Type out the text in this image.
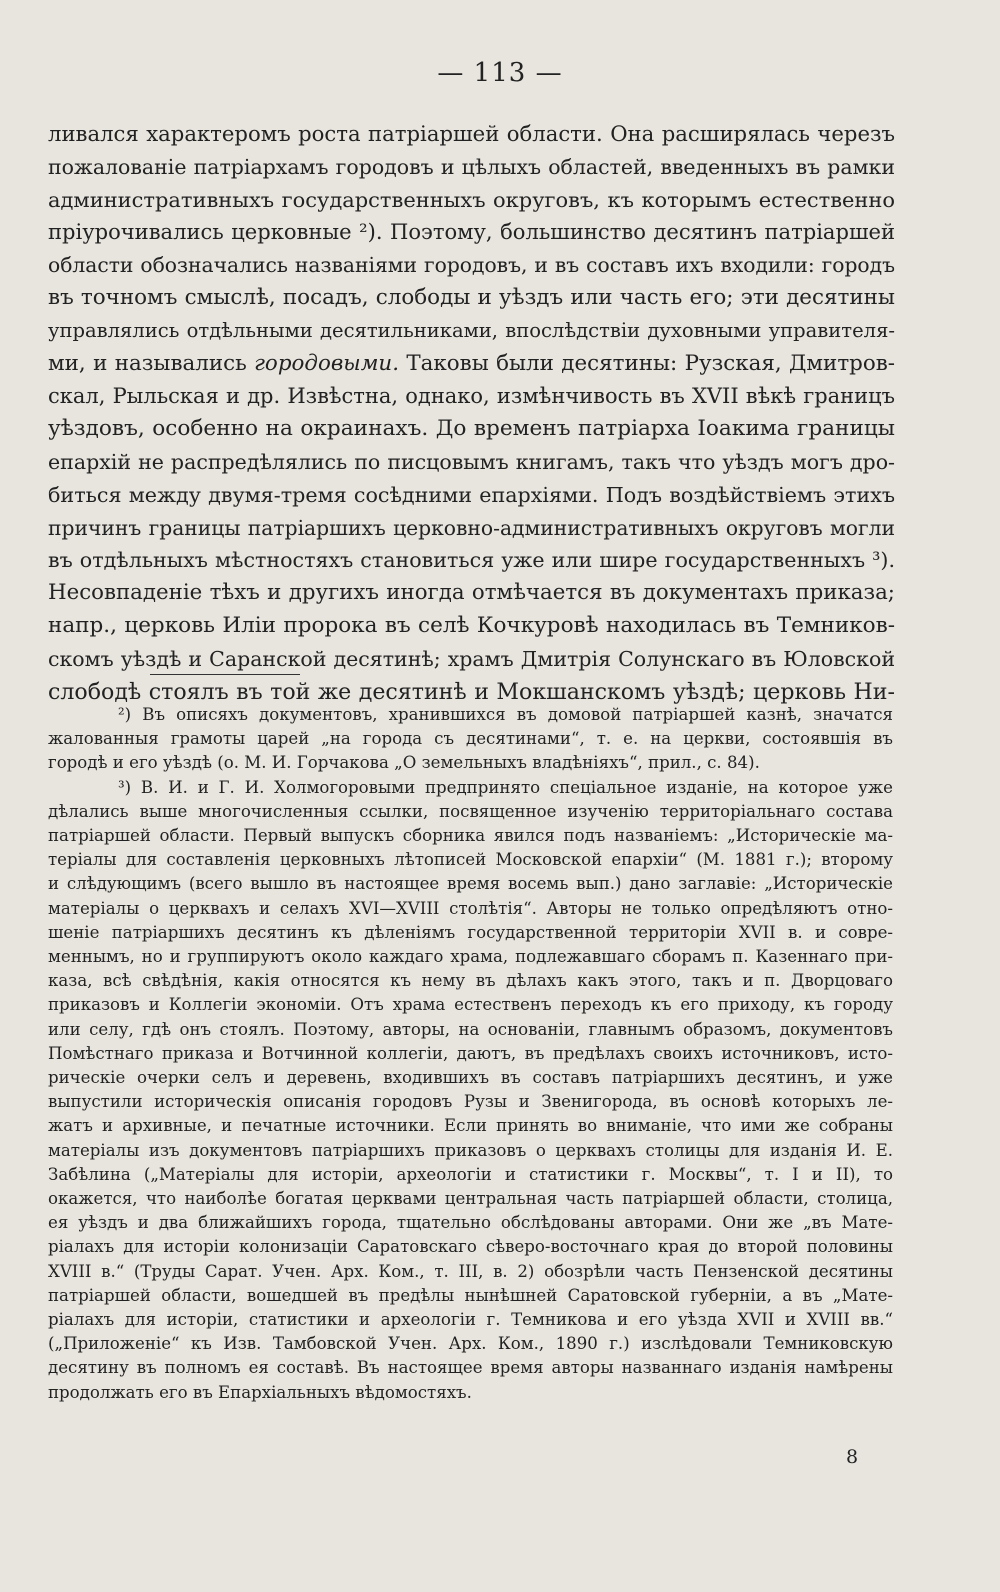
— 113 —
ливался характеромъ роста патріаршей области. Она расширялась черезъ
пожалованіе патріархамъ городовъ и цѣлыхъ областей, введенныхъ въ рамки
административныхъ государственныхъ округовъ, къ которымъ естественно
пріурочивались церковные ²). Поэтому, большинство десятинъ патріаршей
области обозначались названіями городовъ, и въ составъ ихъ входили: городъ
въ точномъ смыслѣ, посадъ, слободы и уѣздъ или часть его; эти десятины
управлялись отдѣльными десятильниками, впослѣдствіи духовными управителя-
ми, и назывались городовыми. Таковы были десятины: Рузская, Дмитров-
скал, Рыльская и др. Извѣстна, однако, измѣнчивость въ XVII вѣкѣ границъ
уѣздовъ, особенно на окраинахъ. До временъ патріарха Іоакима границы
епархій не распредѣлялись по писцовымъ книгамъ, такъ что уѣздъ могъ дро-
биться между двумя-тремя сосѣдними епархіями. Подъ воздѣйствіемъ этихъ
причинъ границы патріаршихъ церковно-административныхъ округовъ могли
въ отдѣльныхъ мѣстностяхъ становиться уже или шире государственныхъ ³).
Несовпаденіе тѣхъ и другихъ иногда отмѣчается въ документахъ приказа;
напр., церковь Иліи пророка въ селѣ Кочкуровѣ находилась въ Темников-
скомъ уѣздѣ и Саранской десятинѣ; храмъ Дмитрія Солунскаго въ Юловской
слободѣ стоялъ въ той же десятинѣ и Мокшанскомъ уѣздѣ; церковь Ни-
²) Въ описяхъ документовъ, хранившихся въ домовой патріаршей казнѣ, значатся
жалованныя грамоты царей „на города съ десятинами“, т. е. на церкви, состоявшія въ
городѣ и его уѣздѣ (о. М. И. Горчакова „О земельныхъ владѣніяхъ“, прил., с. 84).
³) В. И. и Г. И. Холмогоровыми предпринято спеціальное изданіе, на которое уже
дѣлались выше многочисленныя ссылки, посвященное изученію территоріальнаго состава
патріаршей области. Первый выпускъ сборника явился подъ названіемъ: „Историческіе ма-
теріалы для составленія церковныхъ лѣтописей Московской епархіи“ (М. 1881 г.); второму
и слѣдующимъ (всего вышло въ настоящее время восемь вып.) дано заглавіе: „Историческіе
матеріалы о церквахъ и селахъ XVI—XVIII столѣтія“. Авторы не только опредѣляютъ отно-
шеніе патріаршихъ десятинъ къ дѣленіямъ государственной территоріи XVII в. и совре-
меннымъ, но и группируютъ около каждаго храма, подлежавшаго сборамъ п. Казеннаго при-
каза, всѣ свѣдѣнія, какія относятся къ нему въ дѣлахъ какъ этого, такъ и п. Дворцоваго
приказовъ и Коллегіи экономіи. Отъ храма естественъ переходъ къ его приходу, къ городу
или селу, гдѣ онъ стоялъ. Поэтому, авторы, на основаніи, главнымъ образомъ, документовъ
Помѣстнаго приказа и Вотчинной коллегіи, даютъ, въ предѣлахъ своихъ источниковъ, исто-
рическіе очерки селъ и деревень, входившихъ въ составъ патріаршихъ десятинъ, и уже
выпустили историческія описанія городовъ Рузы и Звенигорода, въ основѣ которыхъ ле-
жатъ и архивные, и печатные источники. Если принять во вниманіе, что ими же собраны
матеріалы изъ документовъ патріаршихъ приказовъ о церквахъ столицы для изданія И. Е.
Забѣлина („Матеріалы для исторіи, археологіи и статистики г. Москвы“, т. I и II), то
окажется, что наиболѣе богатая церквами центральная часть патріаршей области, столица,
ея уѣздъ и два ближайшихъ города, тщательно обслѣдованы авторами. Они же „въ Мате-
ріалахъ для исторіи колонизаціи Саратовскаго сѣверо-восточнаго края до второй половины
XVIII в.“ (Труды Сарат. Учен. Арх. Ком., т. III, в. 2) обозрѣли часть Пензенской десятины
патріаршей области, вошедшей въ предѣлы нынѣшней Саратовской губерніи, а въ „Мате-
ріалахъ для исторіи, статистики и археологіи г. Темникова и его уѣзда XVII и XVIII вв.“
(„Приложеніе“ къ Изв. Тамбовской Учен. Арх. Ком., 1890 г.) изслѣдовали Темниковскую
десятину въ полномъ ея составѣ. Въ настоящее время авторы названнаго изданія намѣрены
продолжать его въ Епархіальныхъ вѣдомостяхъ.
8
